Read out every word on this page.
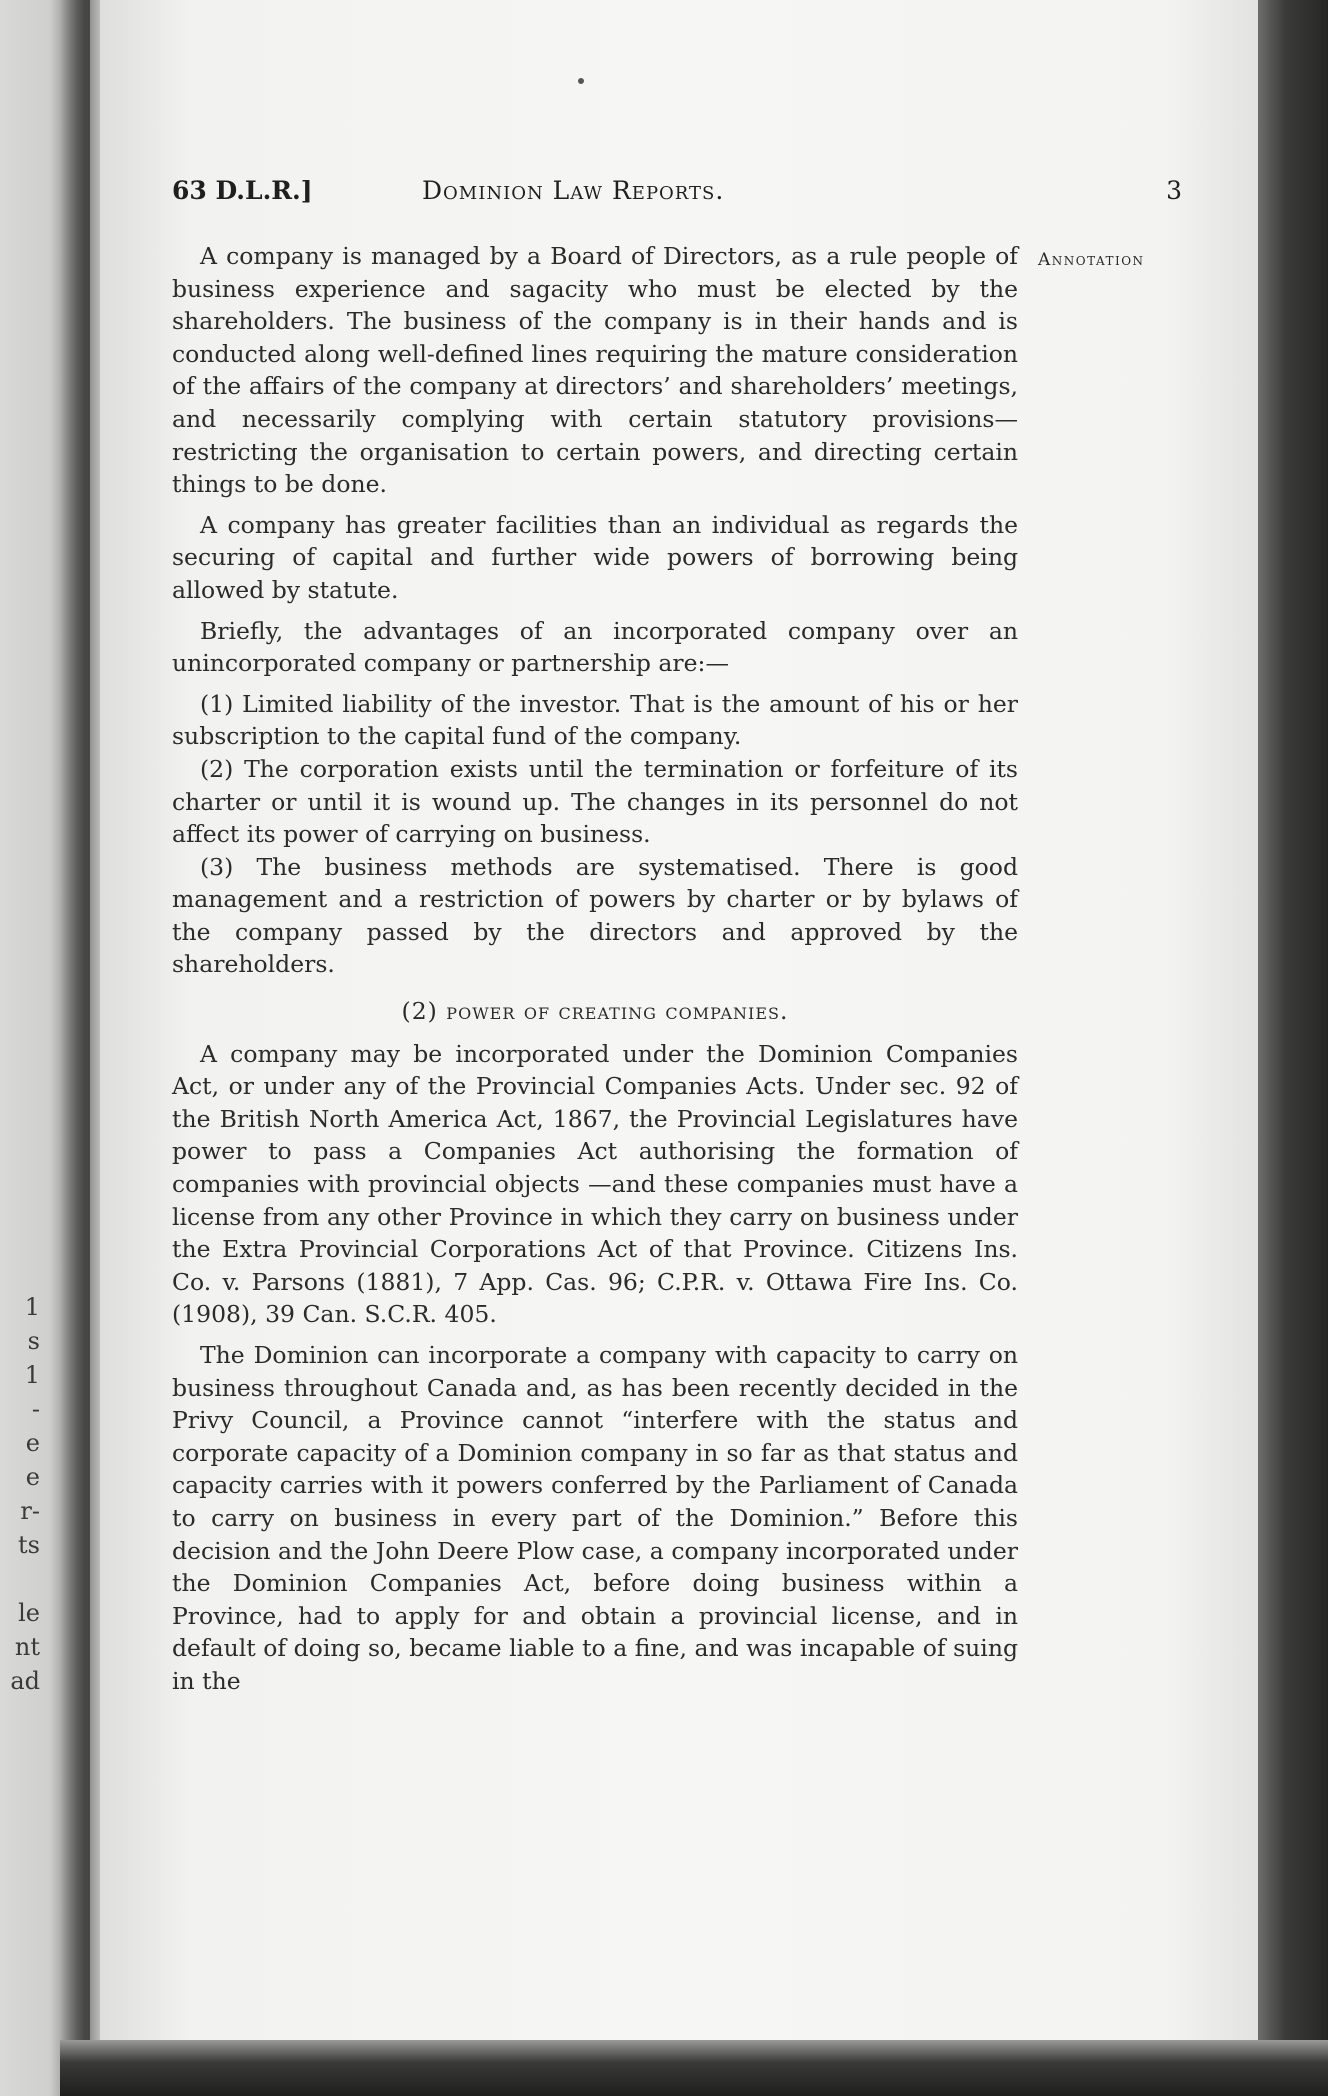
1
s
1
-
e
e
r-
ts
le
nt
ad
63 D.L.R.]	Dominion Law Reports.	3
Annotation

A company is managed by a Board of Directors, as a rule people of business experience and sagacity who must be elected by the shareholders. The business of the company is in their hands and is conducted along well-defined lines requiring the mature consideration of the affairs of the company at directors’ and shareholders’ meetings, and necessarily complying with certain statutory provisions—restricting the organisation to certain powers, and directing certain things to be done.

A company has greater facilities than an individual as regards the securing of capital and further wide powers of borrowing being allowed by statute.

Briefly, the advantages of an incorporated company over an unincorporated company or partnership are:—

(1) Limited liability of the investor. That is the amount of his or her subscription to the capital fund of the company.

(2) The corporation exists until the termination or forfeiture of its charter or until it is wound up. The changes in its personnel do not affect its power of carrying on business.

(3) The business methods are systematised. There is good management and a restriction of powers by charter or by bylaws of the company passed by the directors and approved by the shareholders.

(2) power of creating companies.

A company may be incorporated under the Dominion Companies Act, or under any of the Provincial Companies Acts. Under sec. 92 of the British North America Act, 1867, the Provincial Legislatures have power to pass a Companies Act authorising the formation of companies with provincial objects —and these companies must have a license from any other Province in which they carry on business under the Extra Provincial Corporations Act of that Province. Citizens Ins. Co. v. Parsons (1881), 7 App. Cas. 96; C.P.R. v. Ottawa Fire Ins. Co. (1908), 39 Can. S.C.R. 405.

The Dominion can incorporate a company with capacity to carry on business throughout Canada and, as has been recently decided in the Privy Council, a Province cannot “interfere with the status and corporate capacity of a Dominion company in so far as that status and capacity carries with it powers conferred by the Parliament of Canada to carry on business in every part of the Dominion.” Before this decision and the John Deere Plow case, a company incorporated under the Dominion Companies Act, before doing business within a Province, had to apply for and obtain a provincial license, and in default of doing so, became liable to a fine, and was incapable of suing in the
